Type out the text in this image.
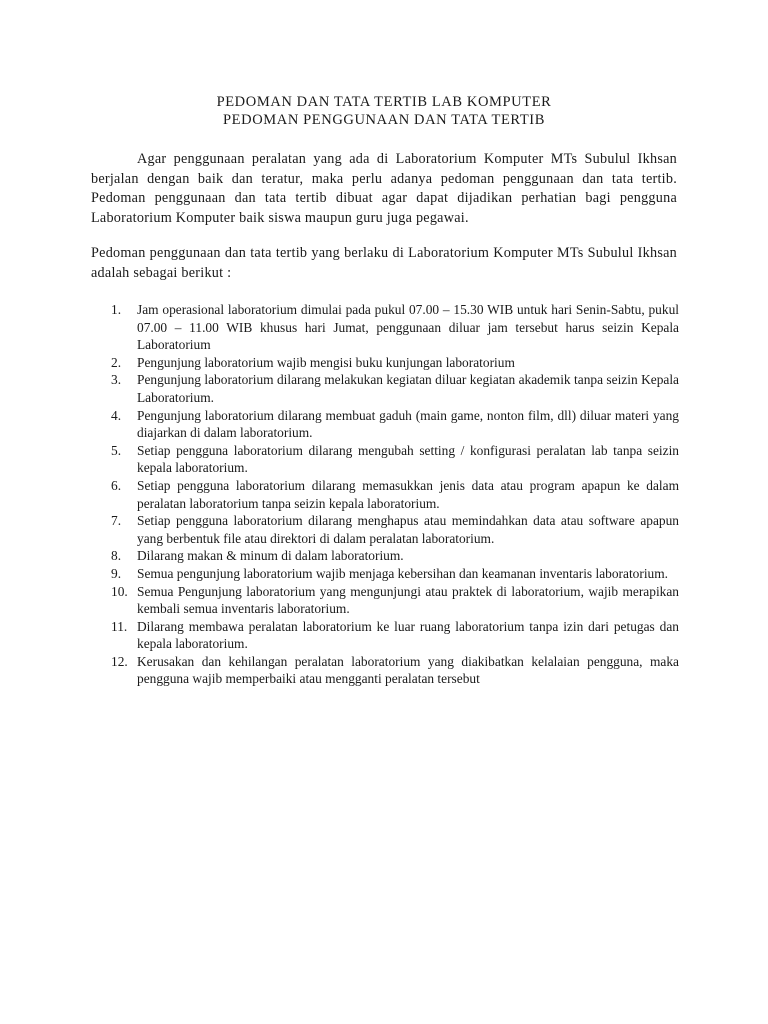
PEDOMAN DAN TATA TERTIB LAB KOMPUTER
PEDOMAN PENGGUNAAN DAN TATA TERTIB

Agar penggunaan peralatan yang ada di Laboratorium Komputer MTs Subulul Ikhsan berjalan dengan baik dan teratur, maka perlu adanya pedoman penggunaan dan tata tertib. Pedoman penggunaan dan tata tertib dibuat agar dapat dijadikan perhatian bagi pengguna Laboratorium Komputer baik siswa maupun guru juga pegawai.

Pedoman penggunaan dan tata tertib yang berlaku di Laboratorium Komputer MTs Subulul Ikhsan adalah sebagai berikut :

1. Jam operasional laboratorium dimulai pada pukul 07.00 – 15.30 WIB untuk hari Senin-Sabtu, pukul 07.00 – 11.00 WIB khusus hari Jumat, penggunaan diluar jam tersebut harus seizin Kepala Laboratorium
2. Pengunjung laboratorium wajib mengisi buku kunjungan laboratorium
3. Pengunjung laboratorium dilarang melakukan kegiatan diluar kegiatan akademik tanpa seizin Kepala Laboratorium.
4. Pengunjung laboratorium dilarang membuat gaduh (main game, nonton film, dll) diluar materi yang diajarkan di dalam laboratorium.
5. Setiap pengguna laboratorium dilarang mengubah setting / konfigurasi peralatan lab tanpa seizin kepala laboratorium.
6. Setiap pengguna laboratorium dilarang memasukkan jenis data atau program apapun ke dalam peralatan laboratorium tanpa seizin kepala laboratorium.
7. Setiap pengguna laboratorium dilarang menghapus atau memindahkan data atau software apapun yang berbentuk file atau direktori di dalam peralatan laboratorium.
8. Dilarang makan & minum di dalam laboratorium.
9. Semua pengunjung laboratorium wajib menjaga kebersihan dan keamanan inventaris laboratorium.
10. Semua Pengunjung laboratorium yang mengunjungi atau praktek di laboratorium, wajib merapikan kembali semua inventaris laboratorium.
11. Dilarang membawa peralatan laboratorium ke luar ruang laboratorium tanpa izin dari petugas dan kepala laboratorium.
12. Kerusakan dan kehilangan peralatan laboratorium yang diakibatkan kelalaian pengguna, maka pengguna wajib memperbaiki atau mengganti peralatan tersebut
